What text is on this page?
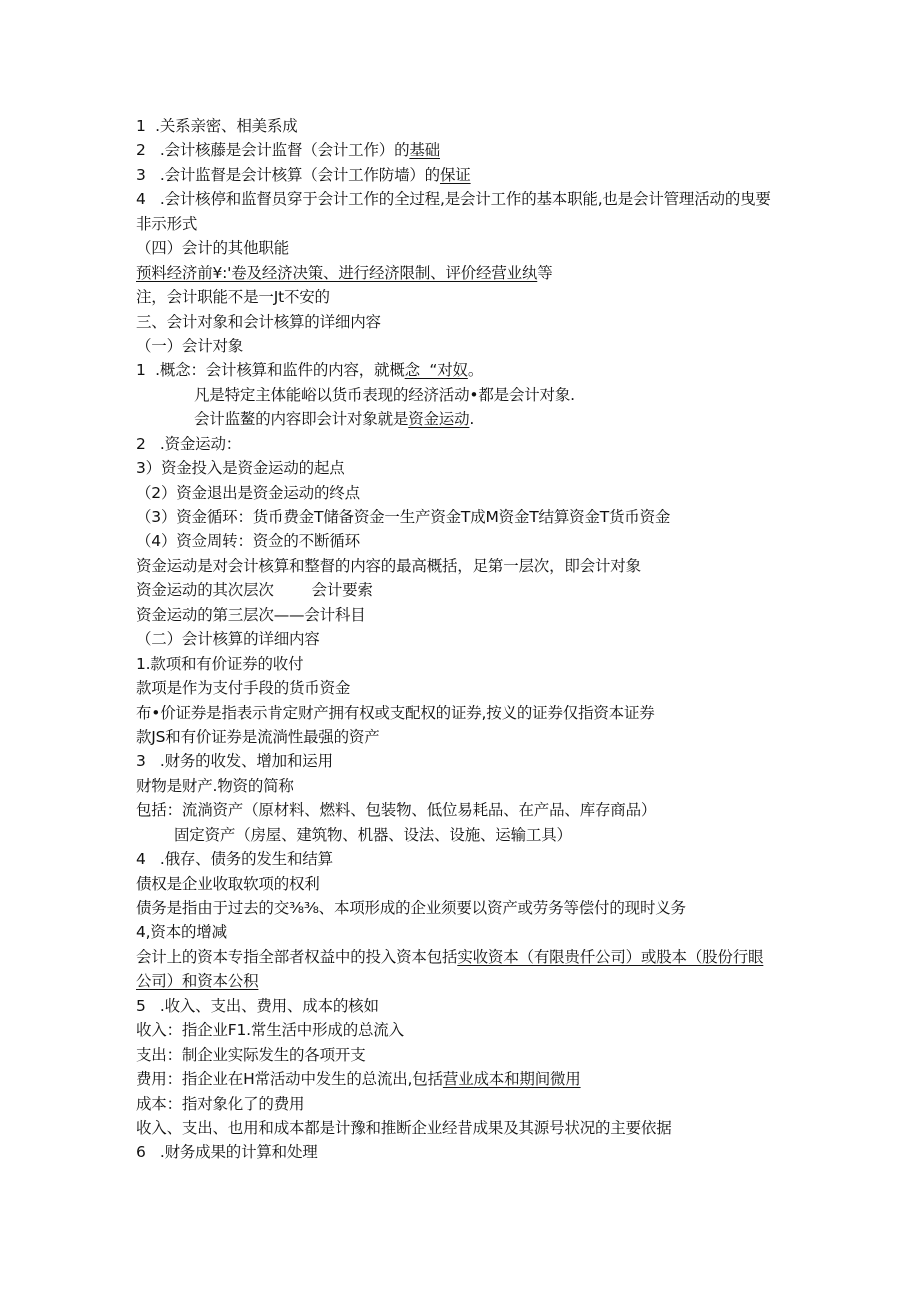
1  .关系亲密、相美系成
2   .会计核藤是会计监督（会计工作）的基础
3   .会计监督是会计核算（会计工作防墙）的保证
4   .会计核停和监督员穿于会计工作的全过程,是会计工作的基本职能,也是会计管理活动的曳要
非示形式
（四）会计的其他职能
预料经济前¥:'卷及经济决策、进行经济限制、评价经营业纨等
注，会计职能不是一Jt不安的
三、会计对象和会计核算的详细内容
（一）会计对象
1  .概念：会计核算和监件的内容，就概念  “对奴。
凡是特定主体能峪以货币表现的经济活动•都是会计对象.
会计监鳌的内容即会计对象就是资金运动.
2   .资金运动：
3）资金投入是资金运动的起点
（2）资金退出是资金运动的终点
（3）资金循环：货币费金T储备资金一生产资金T成M资金T结算资金T货币资金
（4）资佥周转：资佥的不断循环
资金运动是对会计核算和整督的内容的最高概括，足第一层次，即会计对象
资金运动的其次层次        会计要索
资金运动的第三层次——会计科目
（二）会计核算的详细内容
1.款项和有价证券的收付
款项是作为支付手段的货币资金
布•价证券是指表示肯定财产拥有权或支配权的证券,按义的证券仅指资本证券
款JS和有价证券是流淌性最强的资产
3   .财务的收发、增加和运用
财物是财产.物资的简称
包括：流淌资产（原材料、燃料、包装物、低位易耗品、在产品、库存商品）
固定资产（房屋、建筑物、机器、设法、设施、运输工具）
4   .俄存、债务的发生和结算
债权是企业收取软项的权利
债务是指由于过去的交⅜⅜、本项形成的企业须要以资产或劳务等偿付的现时义务
4,资本的增减
会计上的资本专指全部者权益中的投入资本包括实收资本（有限贵仟公司）或股本（股份行眼
公司）和资本公积
5   .收入、支出、费用、成本的核如
收入：指企业F1.常生活中形成的总流入
支出：制企业实际发生的各项开支
费用：指企业在H常活动中发生的总流出,包括营业成本和期间微用
成本：指对象化了的费用
收入、支出、也用和成本都是计豫和推断企业经昔成果及其源号状况的主要依据
6   .财务成果的计算和处理
